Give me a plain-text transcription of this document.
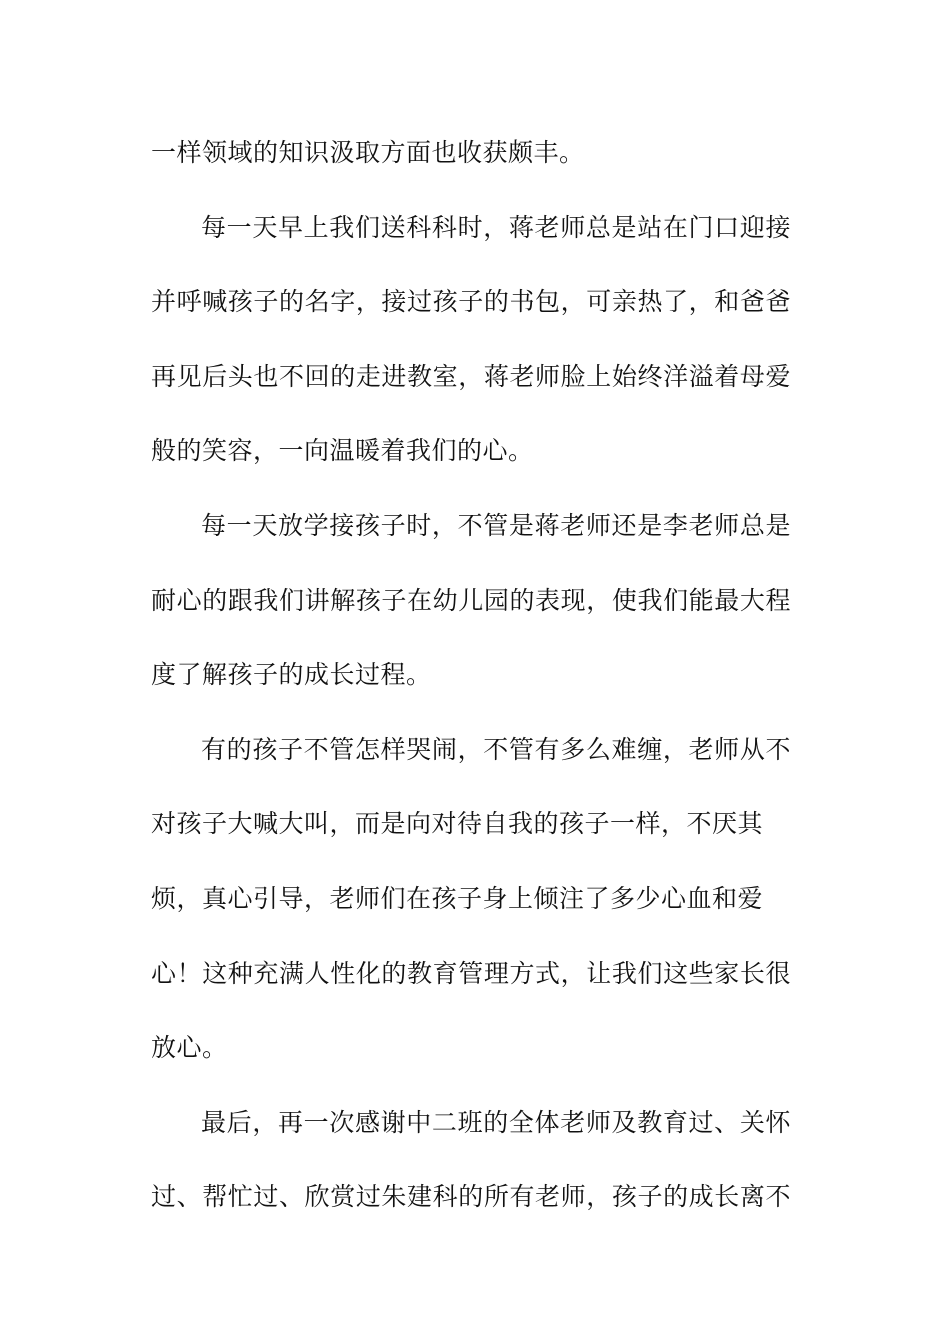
一样领域的知识汲取方面也收获颇丰。
每一天早上我们送科科时，蒋老师总是站在门口迎接
并呼喊孩子的名字，接过孩子的书包，可亲热了，和爸爸
再见后头也不回的走进教室，蒋老师脸上始终洋溢着母爱
般的笑容，一向温暖着我们的心。
每一天放学接孩子时，不管是蒋老师还是李老师总是
耐心的跟我们讲解孩子在幼儿园的表现，使我们能最大程
度了解孩子的成长过程。
有的孩子不管怎样哭闹，不管有多么难缠，老师从不
对孩子大喊大叫，而是向对待自我的孩子一样，不厌其
烦，真心引导，老师们在孩子身上倾注了多少心血和爱
心！这种充满人性化的教育管理方式，让我们这些家长很
放心。
最后，再一次感谢中二班的全体老师及教育过、关怀
过、帮忙过、欣赏过朱建科的所有老师，孩子的成长离不
